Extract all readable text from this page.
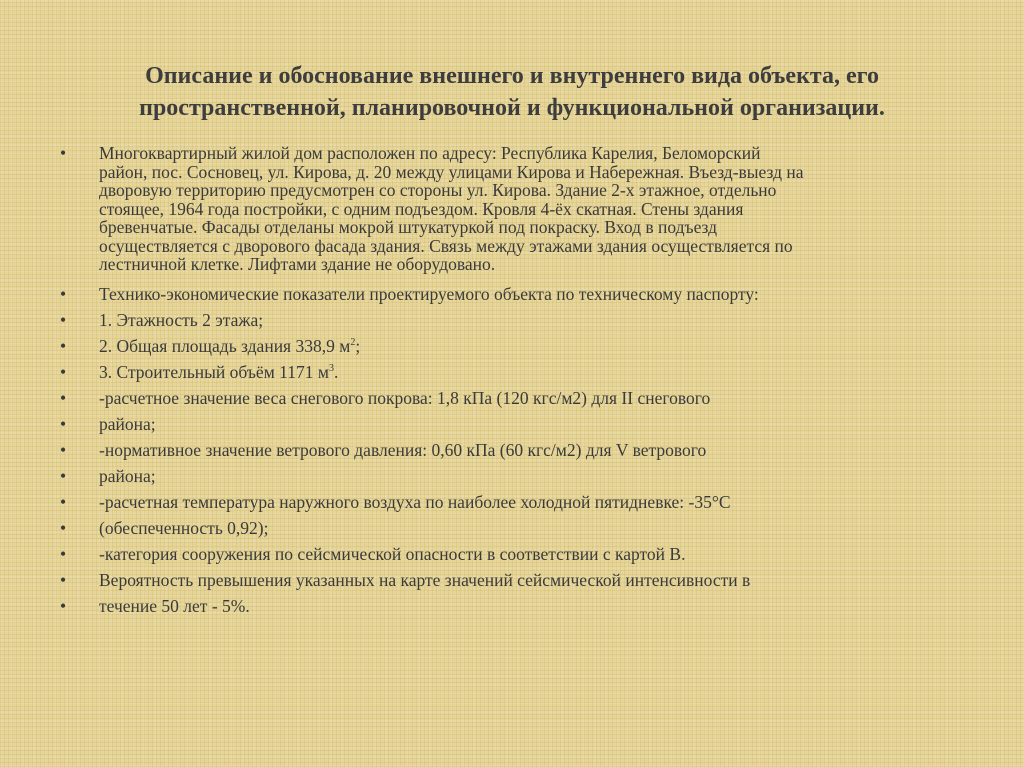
Описание и обоснование внешнего и внутреннего вида объекта, его
пространственной, планировочной и функциональной организации.
• Многоквартирный жилой дом расположен по адресу: Республика Карелия, Беломорский
район, пос. Сосновец, ул. Кирова, д. 20 между улицами Кирова и Набережная. Въезд-выезд на
дворовую территорию предусмотрен со стороны ул. Кирова. Здание 2-х этажное, отдельно
стоящее, 1964 года постройки, с одним подъездом. Кровля 4-ёх скатная. Стены здания
бревенчатые. Фасады отделаны мокрой штукатуркой под покраску. Вход в подъезд
осуществляется с дворового фасада здания. Связь между этажами здания осуществляется по
лестничной клетке. Лифтами здание не оборудовано.
• Технико-экономические показатели проектируемого объекта по техническому паспорту:
• 1. Этажность 2 этажа;
• 2. Общая площадь здания 338,9 $м^2$;
• 3. Строительный объём 1171 $м^3$.
• -расчетное значение веса снегового покрова: 1,8 кПа (120 кгс/м2) для II снегового
• района;
• -нормативное значение ветрового давления: 0,60 кПа (60 кгс/м2) для V ветрового
• района;
• -расчетная температура наружного воздуха по наиболее холодной пятидневке: -35°С
• (обеспеченность 0,92);
• -категория сооружения по сейсмической опасности в соответствии с картой В.
• Вероятность превышения указанных на карте значений сейсмической интенсивности в
• течение 50 лет - 5%.
